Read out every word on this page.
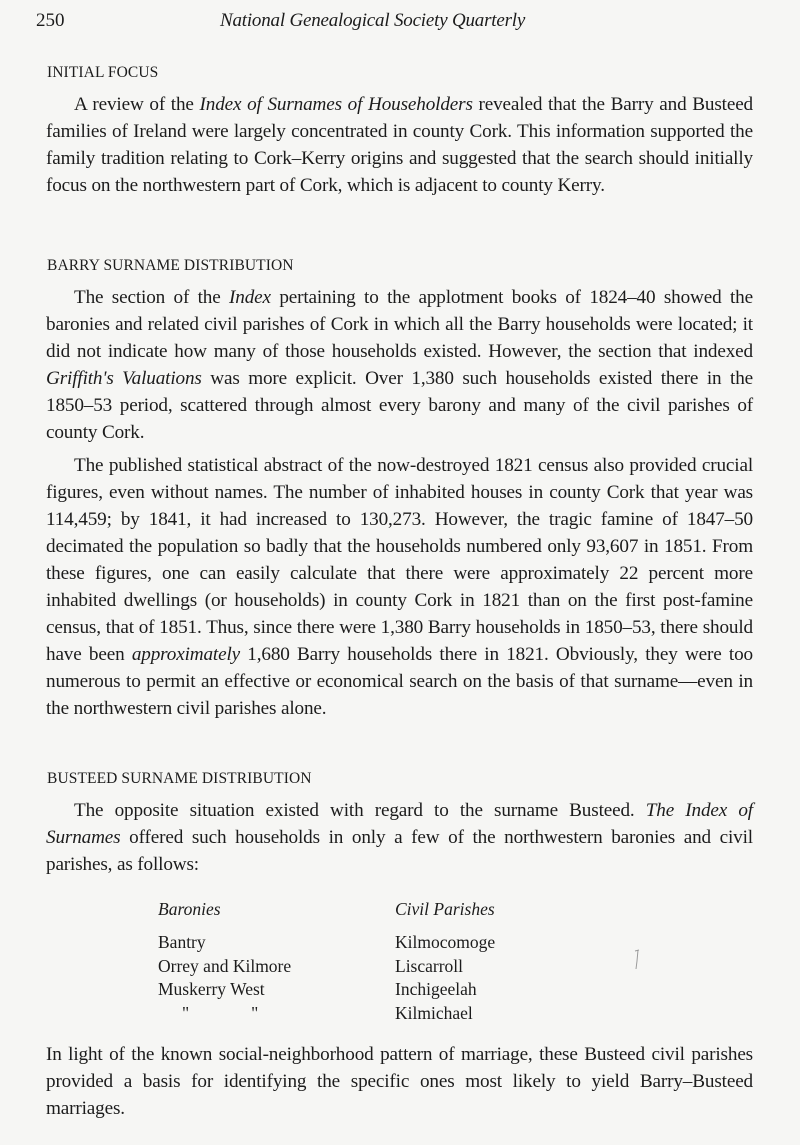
250	National Genealogical Society Quarterly
INITIAL FOCUS
A review of the Index of Surnames of Householders revealed that the Barry and Busteed families of Ireland were largely concentrated in county Cork. This information supported the family tradition relating to Cork–Kerry origins and suggested that the search should initially focus on the northwestern part of Cork, which is adjacent to county Kerry.
BARRY SURNAME DISTRIBUTION
The section of the Index pertaining to the applotment books of 1824–40 showed the baronies and related civil parishes of Cork in which all the Barry households were located; it did not indicate how many of those households existed. However, the section that indexed Griffith's Valuations was more explicit. Over 1,380 such households existed there in the 1850–53 period, scattered through almost every barony and many of the civil parishes of county Cork.
The published statistical abstract of the now-destroyed 1821 census also provided crucial figures, even without names. The number of inhabited houses in county Cork that year was 114,459; by 1841, it had increased to 130,273. However, the tragic famine of 1847–50 decimated the population so badly that the households numbered only 93,607 in 1851. From these figures, one can easily calculate that there were approximately 22 percent more inhabited dwellings (or households) in county Cork in 1821 than on the first post-famine census, that of 1851. Thus, since there were 1,380 Barry households in 1850–53, there should have been approximately 1,680 Barry households there in 1821. Obviously, they were too numerous to permit an effective or economical search on the basis of that surname—even in the northwestern civil parishes alone.
BUSTEED SURNAME DISTRIBUTION
The opposite situation existed with regard to the surname Busteed. The Index of Surnames offered such households in only a few of the northwestern baronies and civil parishes, as follows:
Baronies
Bantry
Orrey and Kilmore
Muskerry West
"	"
Civil Parishes
Kilmocomoge
Liscarroll
Inchigeelah
Kilmichael
In light of the known social-neighborhood pattern of marriage, these Busteed civil parishes provided a basis for identifying the specific ones most likely to yield Barry–Busteed marriages.
